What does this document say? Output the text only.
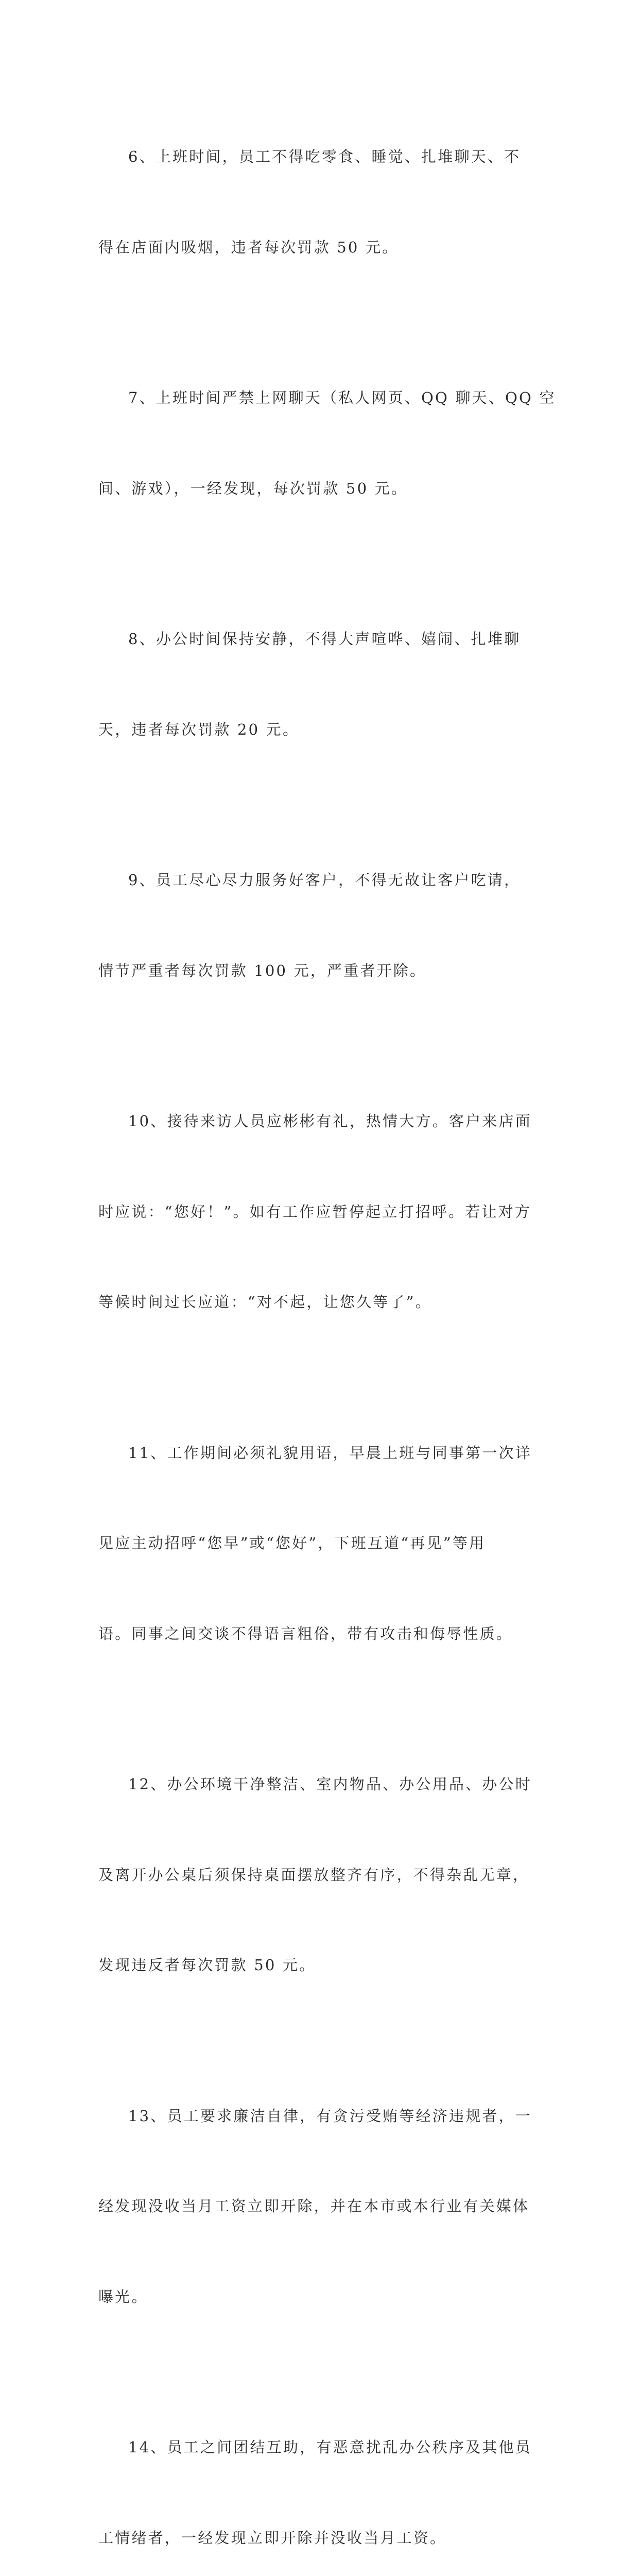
6、上班时间，员工不得吃零食、睡觉、扎堆聊天、不

得在店面内吸烟，违者每次罚款 50 元。

7、上班时间严禁上网聊天（私人网页、QQ 聊天、QQ 空

间、游戏），一经发现，每次罚款 50 元。

8、办公时间保持安静，不得大声喧哗、嬉闹、扎堆聊

天，违者每次罚款 20 元。

9、员工尽心尽力服务好客户，不得无故让客户吃请，

情节严重者每次罚款 100 元，严重者开除。

10、接待来访人员应彬彬有礼，热情大方。客户来店面

时应说：“您好！”。如有工作应暂停起立打招呼。若让对方

等候时间过长应道：“对不起，让您久等了”。

11、工作期间必须礼貌用语，早晨上班与同事第一次详

见应主动招呼“您早”或“您好”，下班互道“再见”等用

语。同事之间交谈不得语言粗俗，带有攻击和侮辱性质。

12、办公环境干净整洁、室内物品、办公用品、办公时

及离开办公桌后须保持桌面摆放整齐有序，不得杂乱无章，

发现违反者每次罚款 50 元。

13、员工要求廉洁自律，有贪污受贿等经济违规者，一

经发现没收当月工资立即开除，并在本市或本行业有关媒体

曝光。

14、员工之间团结互助，有恶意扰乱办公秩序及其他员

工情绪者，一经发现立即开除并没收当月工资。
